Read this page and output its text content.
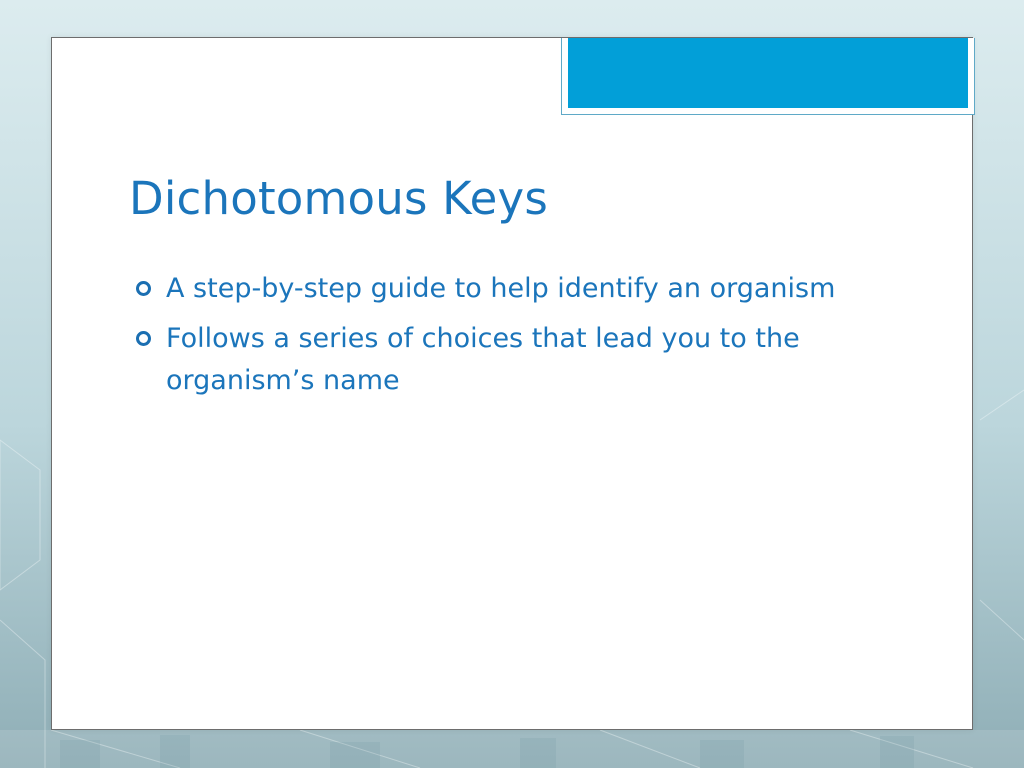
Dichotomous Keys
A step-by-step guide to help identify an organism
Follows a series of choices that lead you to the organism’s name
